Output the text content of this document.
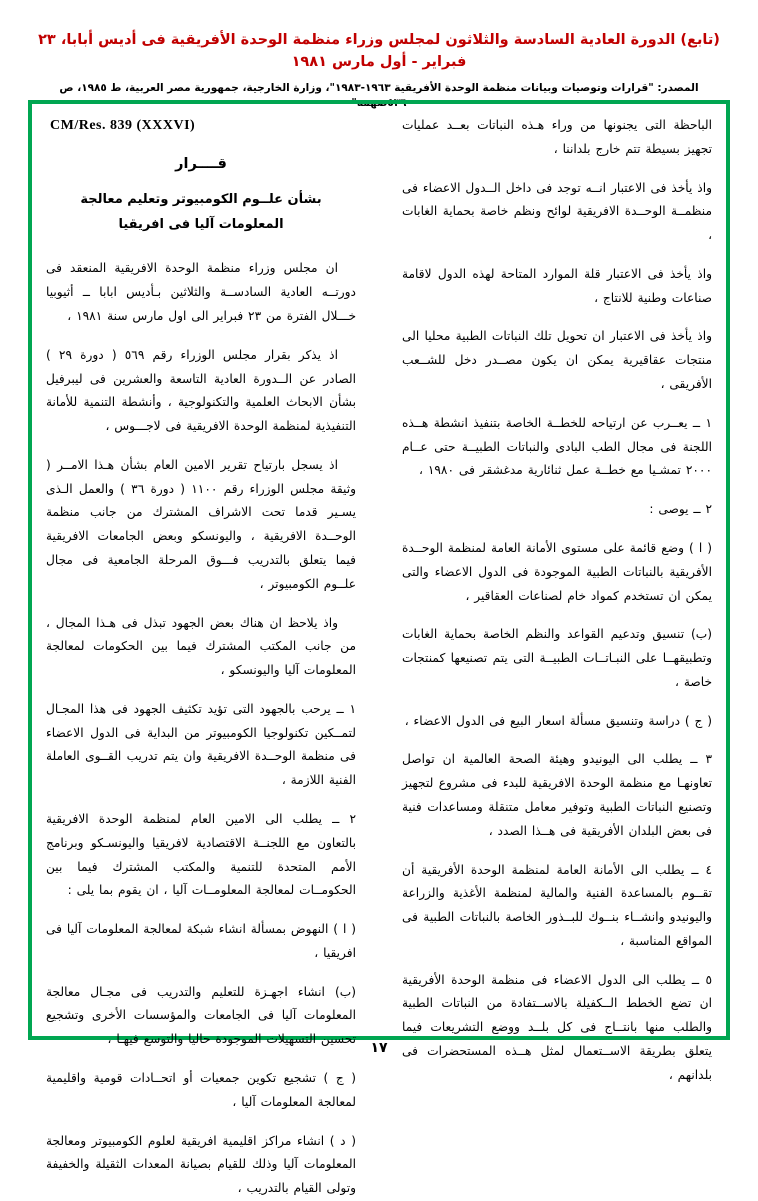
(تابع) الدورة العادية السادسة والثلاثون لمجلس وزراء منظمة الوحدة الأفريقية فى أديس أبابا، ٢٣ فبراير - أول مارس ١٩٨١
المصدر: "قرارات وتوصيات وبيانات منظمة الوحدة الأفريقية ١٩٦٣-١٩٨٣"، وزارة الخارجية، جمهورية مصر العربية، ط ١٩٨٥، ص ٥٣٦صهمه"
CM/Res. 839 (XXXVI)
قــــرار
بشأن علــوم الكومبيوتر وتعليم معالجة المعلومات آليا فى افريقيا

ان مجلس وزراء منظمة الوحدة الافريقية المنعقد فى دورتــه العادية السادســة والثلاثين بـأديس ابابا ــ أثيوبيا خـــلال الفترة من ٢٣ فبراير الى اول مارس سنة ١٩٨١ ،

اذ يذكر بقرار مجلس الوزراء رقم ٥٦٩ ( دورة ٢٩ ) الصادر عن الــدورة العادية التاسعة والعشرين فى ليبرفيل بشأن الابحاث العلمية والتكنولوجية ، وأنشطة التنمية للأمانة التنفيذية لمنظمة الوحدة الافريقية فى لاجـــوس ،

اذ يسجل بارتياح تقرير الامين العام بشأن هـذا الامــر ( وثيقة مجلس الوزراء رقم ١١٠٠ ( دورة ٣٦ ) والعمل الـذى يسـير قدما تحت الاشراف المشترك من جانب منظمة الوحــدة الافريقية ، واليونسكو وبعض الجامعات الافريقية فيما يتعلق بالتدريب فـــوق المرحلة الجامعية فى مجال علــوم الكومبيوتر ،

واذ يلاحظ ان هناك بعض الجهود تبذل فى هـذا المجال ، من جانب المكتب المشترك فيما بين الحكومات لمعالجة المعلومات آليا واليونسكو ،

١ ــ يرحب بالجهود التى تؤيد تكثيف الجهود فى هذا المجـال لتمــكين تكنولوجيا الكومبيوتر من البداية فى الدول الاعضاء فى منظمة الوحــدة الافريقية وان يتم تدريب القــوى العاملة الفنية اللازمة ،

٢ ــ يطلب الى الامين العام لمنظمة الوحدة الافريقية بالتعاون مع اللجنــة الاقتصادية لافريقيا واليونسـكو وبرنامج الأمم المتحدة للتنمية والمكتب المشترك فيما بين الحكومــات لمعالجة المعلومــات آليا ، ان يقوم بما يلى :

( ا ) النهوض بمسألة انشاء شبكة لمعالجة المعلومات آليا فى افريقيا ،

(ب) انشاء اجهـزة للتعليم والتدريب فى مجـال معالجة المعلومات آليا فى الجامعات والمؤسسات الأخرى وتشجيع تحسين التسهيلات الموجودة حاليا والتوسع فيهـا ،

( ج ) تشجيع تكوين جمعيات أو اتحــادات قومية واقليمية لمعالجة المعلومات آليا ،

( د ) انشاء مراكز اقليمية افريقية لعلوم الكومبيوتر ومعالجة المعلومات آليا وذلك للقيام بصيانة المعدات الثقيلة والخفيفة وتولى القيام بالتدريب ،

الباحظة التى يجنونها من وراء هـذه النباتات بعــد عمليات تجهيز بسيطة تتم خارج بلداننا ،

واذ يأخذ فى الاعتبار انــه توجد فى داخل الــدول الاعضاء فى منظمــة الوحــدة الافريقية لوائح ونظم خاصة بحماية الغابات ،

واذ يأخذ فى الاعتبار قلة الموارد المتاحة لهذه الدول لاقامة صناعات وطنية للانتاج ،

واذ يأخذ فى الاعتبار ان تحويل تلك النباتات الطبية محليا الى منتجات عقاقيرية يمكن ان يكون مصــدر دخل للشــعب الأفريقى ،

١ ــ يعــرب عن ارتياحه للخطــة الخاصة بتنفيذ انشطة هــذه اللجنة فى مجال الطب البادى والنباتات الطبيــة حتى عــام ٢٠٠٠ تمشـيا مع خطــة عمل ثنائارية مدغشقر فى ١٩٨٠ ،

٢ ــ يوصى :

( ا ) وضع قائمة على مستوى الأمانة العامة لمنظمة الوحــدة الأفريقية بالنباتات الطبية الموجودة فى الدول الاعضاء والتى يمكن ان تستخدم كمواد خام لصناعات العقاقير ،

(ب) تنسيق وتدعيم القواعد والنظم الخاصة بحماية الغابات وتطبيقهــا على النبـاتــات الطبيــة التى يتم تصنيعها كمنتجات خاصة ،

( ج ) دراسة وتنسيق مسألة اسعار البيع فى الدول الاعضاء ،

٣ ــ يطلب الى اليونيدو وهيئة الصحة العالمية ان تواصل تعاونهـا مع منظمة الوحدة الافريقية للبدء فى مشروع لتجهيز وتصنيع النباتات الطبية وتوفير معامل متنقلة ومساعدات فنية فى بعض البلدان الأفريقية فى هــذا الصدد ،

٤ ــ يطلب الى الأمانة العامة لمنظمة الوحدة الأفريقية أن تقــوم بالمساعدة الفنية والمالية لمنظمة الأغذية والزراعة واليونيدو وانشــاء بنــوك للبــذور الخاصة بالنباتات الطبية فى المواقع المناسبة ،

٥ ــ يطلب الى الدول الاعضاء فى منظمة الوحدة الأفريقية ان تضع الخطط الــكفيلة بالاســتفادة من النباتات الطبية والطلب منها بانتــاج فى كل بلــد ووضع التشريعات فيما يتعلق بطريقة الاســتعمال لمثل هــذه المستحضرات فى بلدانهم ،

١٧
